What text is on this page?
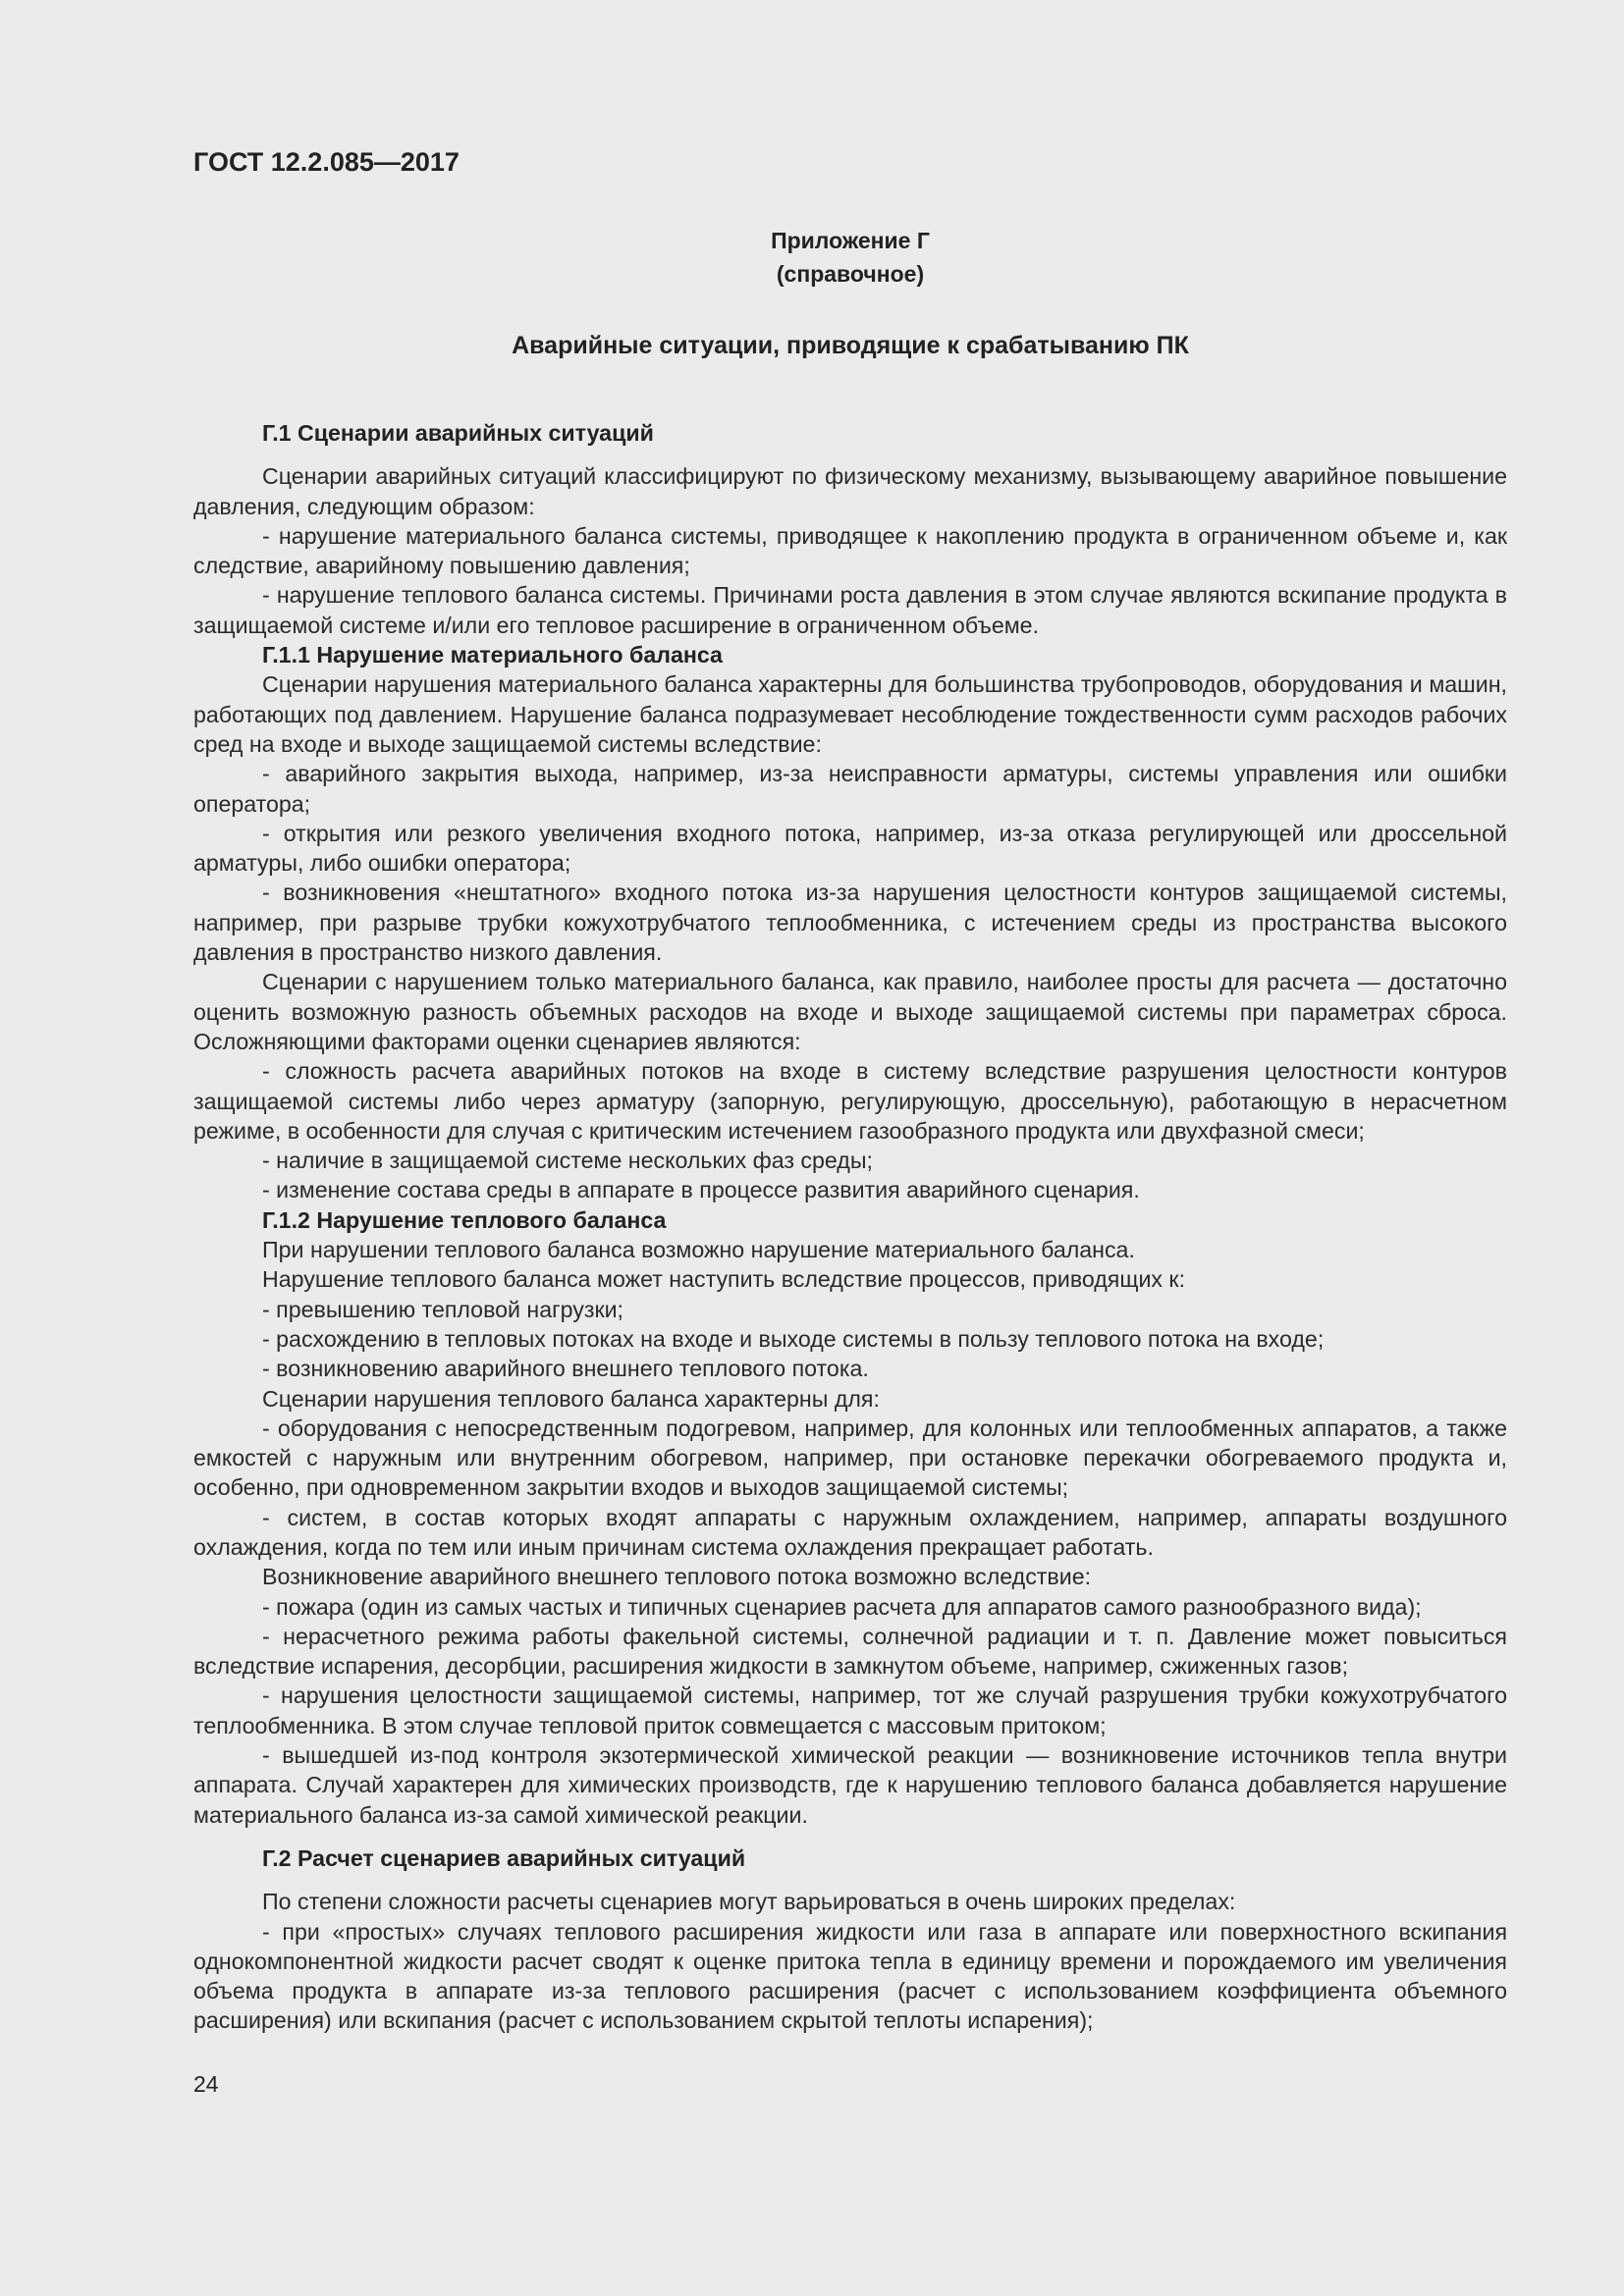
ГОСТ 12.2.085—2017
Приложение Г
(справочное)
Аварийные ситуации, приводящие к срабатыванию ПК

Г.1 Сценарии аварийных ситуаций

Сценарии аварийных ситуаций классифицируют по физическому механизму, вызывающему аварийное повышение давления, следующим образом:

- нарушение материального баланса системы, приводящее к накоплению продукта в ограниченном объеме и, как следствие, аварийному повышению давления;

- нарушение теплового баланса системы. Причинами роста давления в этом случае являются вскипание продукта в защищаемой системе и/или его тепловое расширение в ограниченном объеме.

Г.1.1 Нарушение материального баланса

Сценарии нарушения материального баланса характерны для большинства трубопроводов, оборудования и машин, работающих под давлением. Нарушение баланса подразумевает несоблюдение тождественности сумм расходов рабочих сред на входе и выходе защищаемой системы вследствие:

- аварийного закрытия выхода, например, из-за неисправности арматуры, системы управления или ошибки оператора;

- открытия или резкого увеличения входного потока, например, из-за отказа регулирующей или дроссельной арматуры, либо ошибки оператора;

- возникновения «нештатного» входного потока из-за нарушения целостности контуров защищаемой системы, например, при разрыве трубки кожухотрубчатого теплообменника, с истечением среды из пространства высокого давления в пространство низкого давления.

Сценарии с нарушением только материального баланса, как правило, наиболее просты для расчета — достаточно оценить возможную разность объемных расходов на входе и выходе защищаемой системы при параметрах сброса. Осложняющими факторами оценки сценариев являются:

- сложность расчета аварийных потоков на входе в систему вследствие разрушения целостности контуров защищаемой системы либо через арматуру (запорную, регулирующую, дроссельную), работающую в нерасчетном режиме, в особенности для случая с критическим истечением газообразного продукта или двухфазной смеси;

- наличие в защищаемой системе нескольких фаз среды;

- изменение состава среды в аппарате в процессе развития аварийного сценария.

Г.1.2 Нарушение теплового баланса

При нарушении теплового баланса возможно нарушение материального баланса.

Нарушение теплового баланса может наступить вследствие процессов, приводящих к:

- превышению тепловой нагрузки;

- расхождению в тепловых потоках на входе и выходе системы в пользу теплового потока на входе;

- возникновению аварийного внешнего теплового потока.

Сценарии нарушения теплового баланса характерны для:

- оборудования с непосредственным подогревом, например, для колонных или теплообменных аппаратов, а также емкостей с наружным или внутренним обогревом, например, при остановке перекачки обогреваемого продукта и, особенно, при одновременном закрытии входов и выходов защищаемой системы;

- систем, в состав которых входят аппараты с наружным охлаждением, например, аппараты воздушного охлаждения, когда по тем или иным причинам система охлаждения прекращает работать.

Возникновение аварийного внешнего теплового потока возможно вследствие:

- пожара (один из самых частых и типичных сценариев расчета для аппаратов самого разнообразного вида);

- нерасчетного режима работы факельной системы, солнечной радиации и т. п. Давление может повыситься вследствие испарения, десорбции, расширения жидкости в замкнутом объеме, например, сжиженных газов;

- нарушения целостности защищаемой системы, например, тот же случай разрушения трубки кожухотрубчатого теплообменника. В этом случае тепловой приток совмещается с массовым притоком;

- вышедшей из-под контроля экзотермической химической реакции — возникновение источников тепла внутри аппарата. Случай характерен для химических производств, где к нарушению теплового баланса добавляется нарушение материального баланса из-за самой химической реакции.

Г.2 Расчет сценариев аварийных ситуаций

По степени сложности расчеты сценариев могут варьироваться в очень широких пределах:

- при «простых» случаях теплового расширения жидкости или газа в аппарате или поверхностного вскипания однокомпонентной жидкости расчет сводят к оценке притока тепла в единицу времени и порождаемого им увеличения объема продукта в аппарате из-за теплового расширения (расчет с использованием коэффициента объемного расширения) или вскипания (расчет с использованием скрытой теплоты испарения);

24
